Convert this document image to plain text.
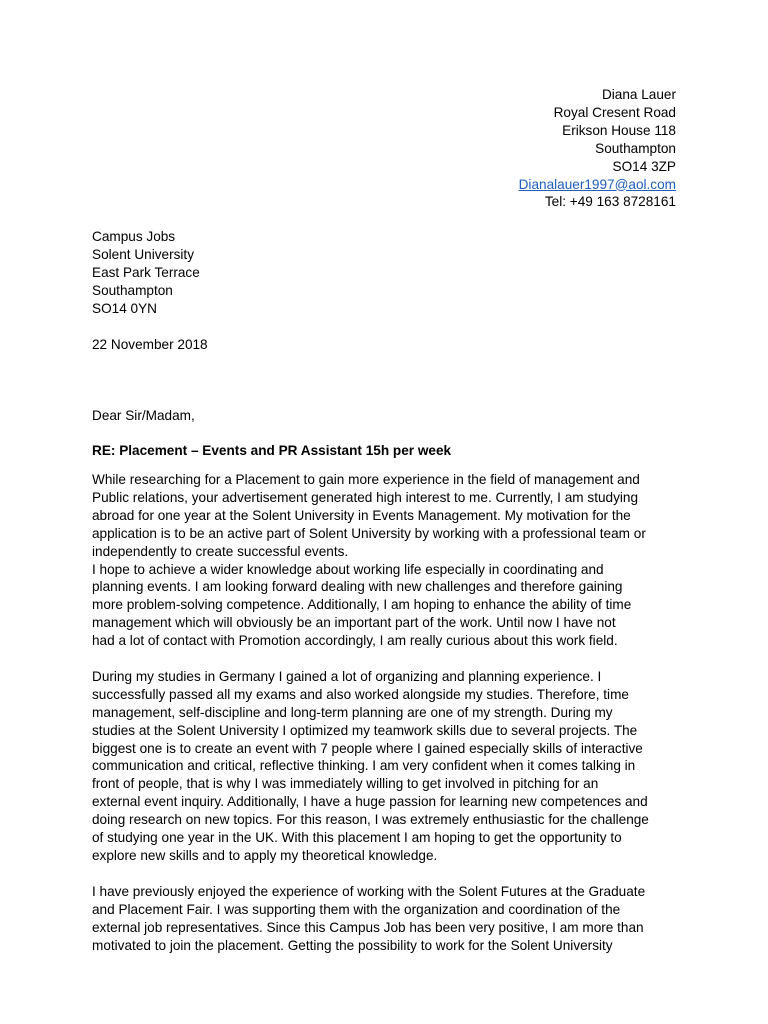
Diana Lauer
Royal Cresent Road
Erikson House 118
Southampton
SO14 3ZP
Dianalauer1997@aol.com
Tel: +49 163 8728161
Campus Jobs
Solent University
East Park Terrace
Southampton
SO14 0YN
22 November 2018
Dear Sir/Madam,
RE: Placement – Events and PR Assistant 15h per week
While researching for a Placement to gain more experience in the field of management and
Public relations, your advertisement generated high interest to me. Currently, I am studying
abroad for one year at the Solent University in Events Management. My motivation for the
application is to be an active part of Solent University by working with a professional team or
independently to create successful events.
I hope to achieve a wider knowledge about working life especially in coordinating and
planning events. I am looking forward dealing with new challenges and therefore gaining
more problem-solving competence. Additionally, I am hoping to enhance the ability of time
management which will obviously be an important part of the work. Until now I have not
had a lot of contact with Promotion accordingly, I am really curious about this work field.
During my studies in Germany I gained a lot of organizing and planning experience. I
successfully passed all my exams and also worked alongside my studies. Therefore, time
management, self-discipline and long-term planning are one of my strength. During my
studies at the Solent University I optimized my teamwork skills due to several projects. The
biggest one is to create an event with 7 people where I gained especially skills of interactive
communication and critical, reflective thinking. I am very confident when it comes talking in
front of people, that is why I was immediately willing to get involved in pitching for an
external event inquiry. Additionally, I have a huge passion for learning new competences and
doing research on new topics. For this reason, I was extremely enthusiastic for the challenge
of studying one year in the UK. With this placement I am hoping to get the opportunity to
explore new skills and to apply my theoretical knowledge.
I have previously enjoyed the experience of working with the Solent Futures at the Graduate
and Placement Fair. I was supporting them with the organization and coordination of the
external job representatives. Since this Campus Job has been very positive, I am more than
motivated to join the placement. Getting the possibility to work for the Solent University
